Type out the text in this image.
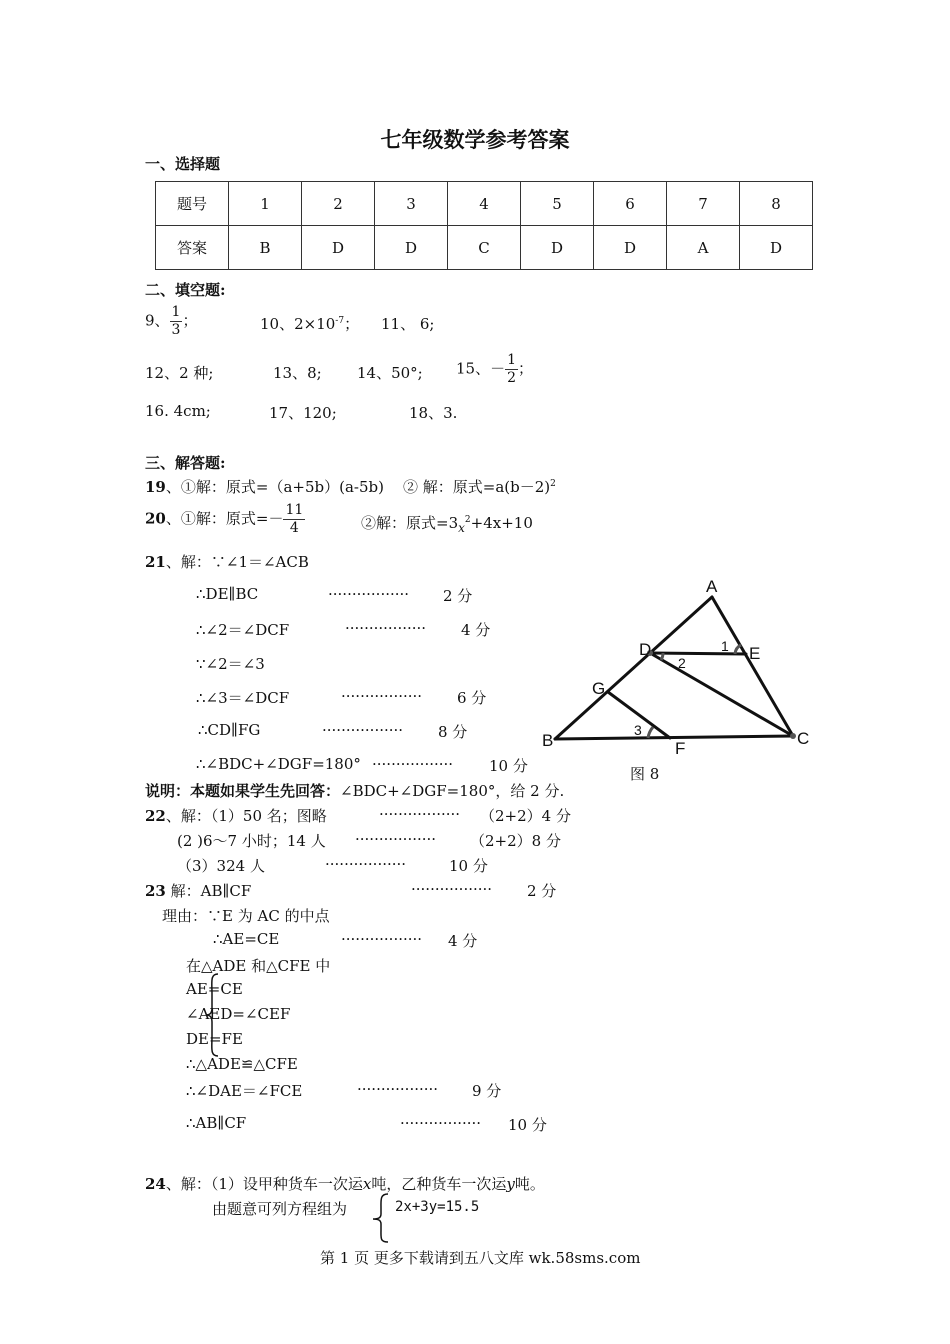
七年级数学参考答案
一、选择题
题号	1	2	3	4	5	6	7	8
答案	B	D	D	C	D	D	A	D
二、填空题:
9、 $\frac{1}{3}$ ；	10、$2\times 10^{-7}$； 11、 6;
12、2 种;	13、8; 14、50°; 15、－ $\frac{1}{2}$ ；
16. 4cm;	17、120;	18、3.
三、解答题:
19、①解：原式=（a+5b）(a-5b) ② 解：原式$=a(b-2)^2$
20、①解：原式=－ $\frac{11}{4}$	②解：原式$=3_x^2+4x+10$
21、解：∵∠1＝∠ACB
∴DE∥BC	················· 2 分
∴∠2＝∠DCF	················· 4 分
∵∠2＝∠3
∴∠3＝∠DCF	················· 6 分
∴CD∥FG	················· 8 分
∴∠BDC+∠DGF=180° ················· 10 分
A
D	E
G
B	F
C
1
2
3
图 8
说明：本题如果学生先回答：∠BDC+∠DGF=180°，给 2 分.
22、解：（1）50 名；图略	················· （2+2）4 分
(2 )6～7 小时；14 人 ················· （2+2）8 分
（3）324 人	·················	10 分
23 解：AB∥CF	················· 2 分
理由：∵E 为 AC 的中点
∴AE=CE	················· 4 分
在△ADE 和△CFE 中
AE=CE
∠AED=∠CEF
DE=FE
∴△ADE≌△CFE
∴∠DAE＝∠FCE	················· 9 分
∴AB∥CF	················· 10 分
24、解：（1）设甲种货车一次运x吨，乙种货车一次运y吨。
由题意可列方程组为	2x+3y=15.5
第 1 页 更多下载请到五八文库 wk.58sms.com
